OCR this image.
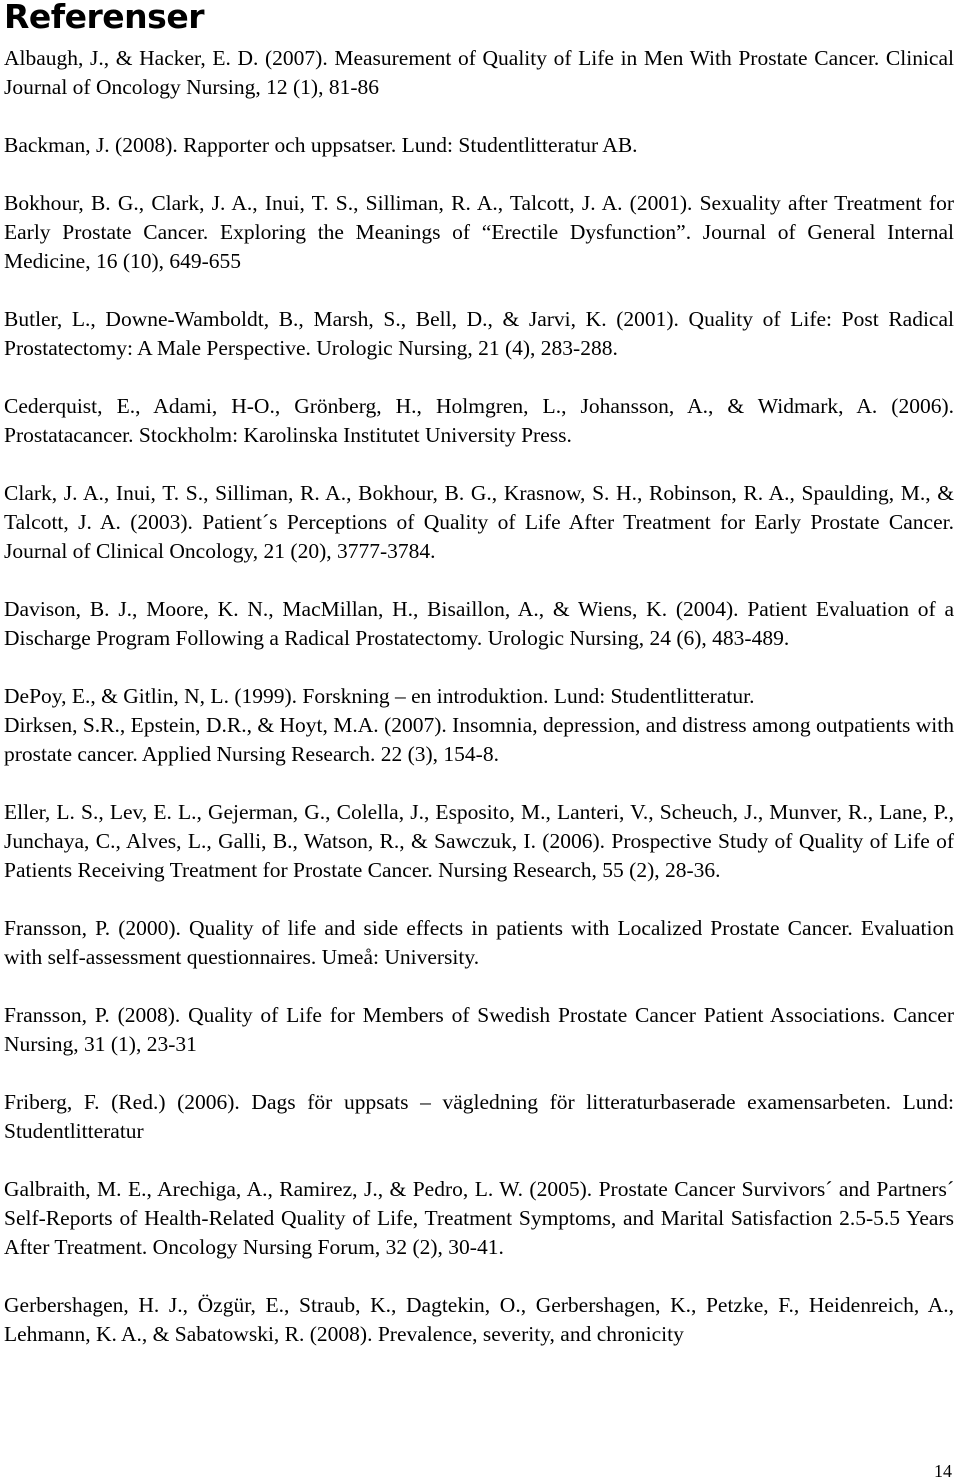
Referenser

Albaugh, J., & Hacker, E. D. (2007). Measurement of Quality of Life in Men With Prostate Cancer. Clinical Journal of Oncology Nursing, 12 (1), 81-86

Backman, J. (2008). Rapporter och uppsatser. Lund: Studentlitteratur AB.

Bokhour, B. G., Clark, J. A., Inui, T. S., Silliman, R. A., Talcott, J. A. (2001). Sexuality after Treatment for Early Prostate Cancer. Exploring the Meanings of “Erectile Dysfunction”. Journal of General Internal Medicine, 16 (10), 649-655

Butler, L., Downe-Wamboldt, B., Marsh, S., Bell, D., & Jarvi, K. (2001). Quality of Life: Post Radical Prostatectomy: A Male Perspective. Urologic Nursing, 21 (4), 283-288.

Cederquist, E., Adami, H-O., Grönberg, H., Holmgren, L., Johansson, A., & Widmark, A. (2006). Prostatacancer. Stockholm: Karolinska Institutet University Press.

Clark, J. A., Inui, T. S., Silliman, R. A., Bokhour, B. G., Krasnow, S. H., Robinson, R. A., Spaulding, M., & Talcott, J. A. (2003). Patient´s Perceptions of Quality of Life After Treatment for Early Prostate Cancer. Journal of Clinical Oncology, 21 (20), 3777-3784.

Davison, B. J., Moore, K. N., MacMillan, H., Bisaillon, A., & Wiens, K. (2004). Patient Evaluation of a Discharge Program Following a Radical Prostatectomy. Urologic Nursing, 24 (6), 483-489.

DePoy, E., & Gitlin, N, L. (1999). Forskning – en introduktion. Lund: Studentlitteratur.

Dirksen, S.R., Epstein, D.R., & Hoyt, M.A. (2007). Insomnia, depression, and distress among outpatients with prostate cancer. Applied Nursing Research. 22 (3), 154-8.

Eller, L. S., Lev, E. L., Gejerman, G., Colella, J., Esposito, M., Lanteri, V., Scheuch, J., Munver, R., Lane, P., Junchaya, C., Alves, L., Galli, B., Watson, R., & Sawczuk, I. (2006). Prospective Study of Quality of Life of Patients Receiving Treatment for Prostate Cancer. Nursing Research, 55 (2), 28-36.

Fransson, P. (2000). Quality of life and side effects in patients with Localized Prostate Cancer. Evaluation with self-assessment questionnaires. Umeå: University.

Fransson, P. (2008). Quality of Life for Members of Swedish Prostate Cancer Patient Associations. Cancer Nursing, 31 (1), 23-31

Friberg, F. (Red.) (2006). Dags för uppsats – vägledning för litteraturbaserade examensarbeten. Lund: Studentlitteratur

Galbraith, M. E., Arechiga, A., Ramirez, J., & Pedro, L. W. (2005). Prostate Cancer Survivors´ and Partners´ Self-Reports of Health-Related Quality of Life, Treatment Symptoms, and Marital Satisfaction 2.5-5.5 Years After Treatment. Oncology Nursing Forum, 32 (2), 30-41.

Gerbershagen, H. J., Özgür, E., Straub, K., Dagtekin, O., Gerbershagen, K., Petzke, F., Heidenreich, A., Lehmann, K. A., & Sabatowski, R. (2008). Prevalence, severity, and chronicity

14
